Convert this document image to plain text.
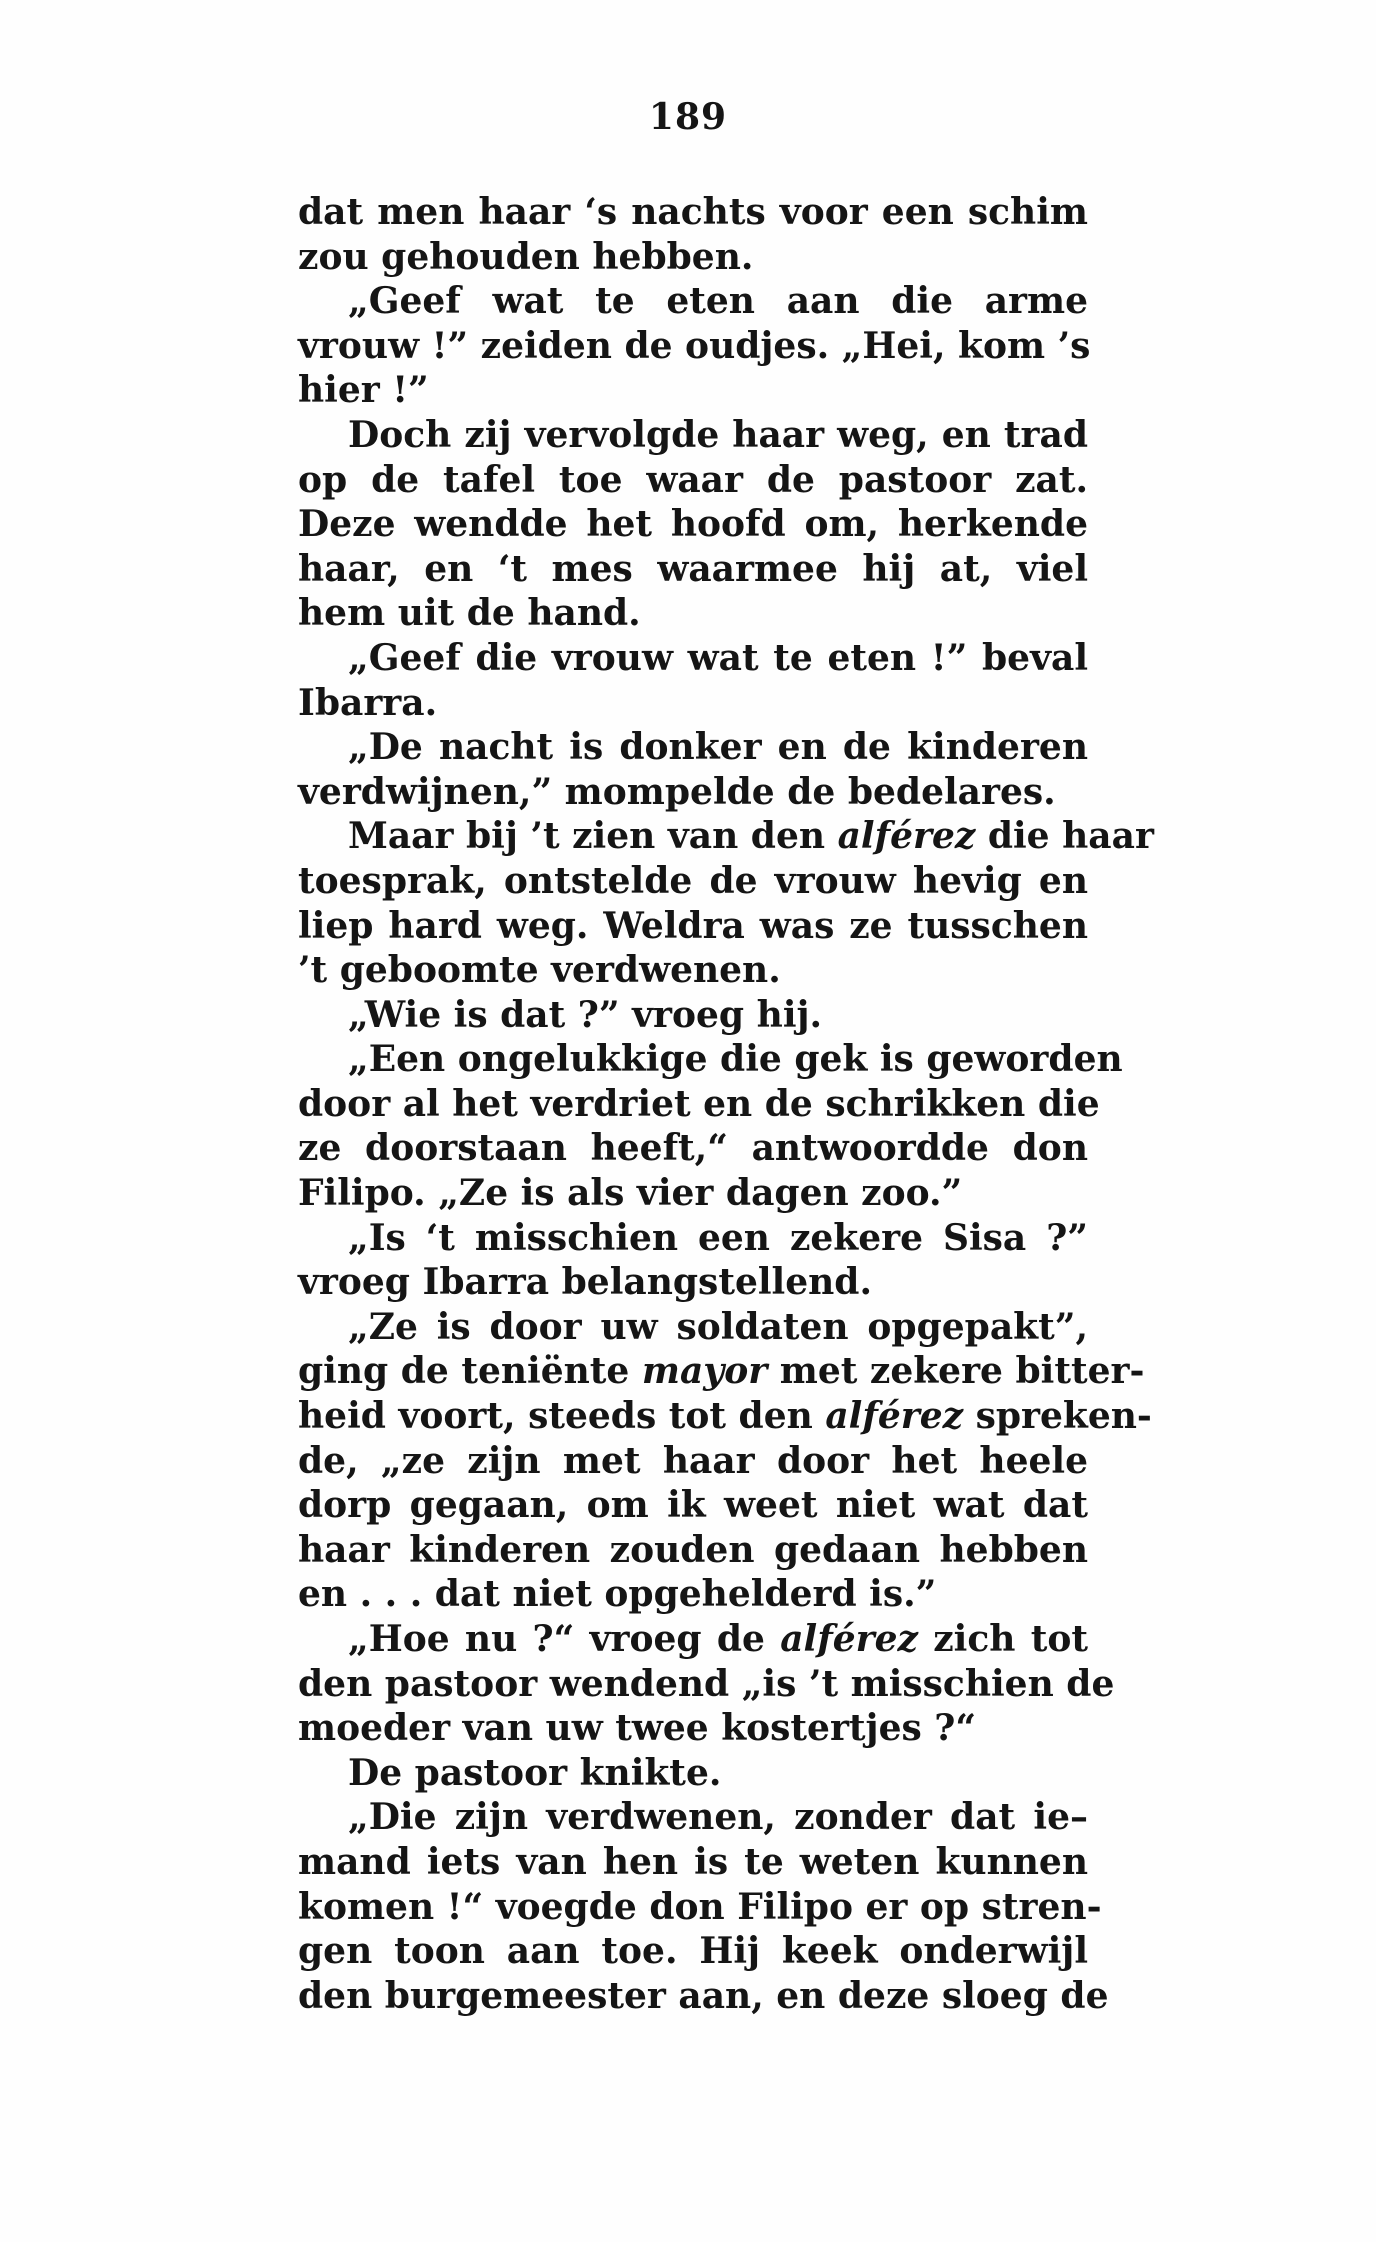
189
dat men haar ‘s nachts voor een schim
zou gehouden hebben.
„Geef wat te eten aan die arme
vrouw !” zeiden de oudjes. „Hei, kom ’s
hier !”
Doch zij vervolgde haar weg, en trad
op de tafel toe waar de pastoor zat.
Deze wendde het hoofd om, herkende
haar, en ‘t mes waarmee hij at, viel
hem uit de hand.
„Geef die vrouw wat te eten !” beval
Ibarra.
„De nacht is donker en de kinderen
verdwijnen,” mompelde de bedelares.
Maar bij ’t zien van den alférez die haar
toesprak, ontstelde de vrouw hevig en
liep hard weg. Weldra was ze tusschen
’t geboomte verdwenen.
„Wie is dat ?” vroeg hij.
„Een ongelukkige die gek is geworden
door al het verdriet en de schrikken die
ze doorstaan heeft,“ antwoordde don
Filipo. „Ze is als vier dagen zoo.”
„Is ‘t misschien een zekere Sisa ?”
vroeg Ibarra belangstellend.
„Ze is door uw soldaten opgepakt”,
ging de teniënte mayor met zekere bitter-
heid voort, steeds tot den alférez spreken-
de, „ze zijn met haar door het heele
dorp gegaan, om ik weet niet wat dat
haar kinderen zouden gedaan hebben
en . . . dat niet opgehelderd is.”
„Hoe nu ?“ vroeg de alférez zich tot
den pastoor wendend „is ’t misschien de
moeder van uw twee kostertjes ?“
De pastoor knikte.
„Die zijn verdwenen, zonder dat ie–
mand iets van hen is te weten kunnen
komen !“ voegde don Filipo er op stren-
gen toon aan toe. Hij keek onderwijl
den burgemeester aan, en deze sloeg de
